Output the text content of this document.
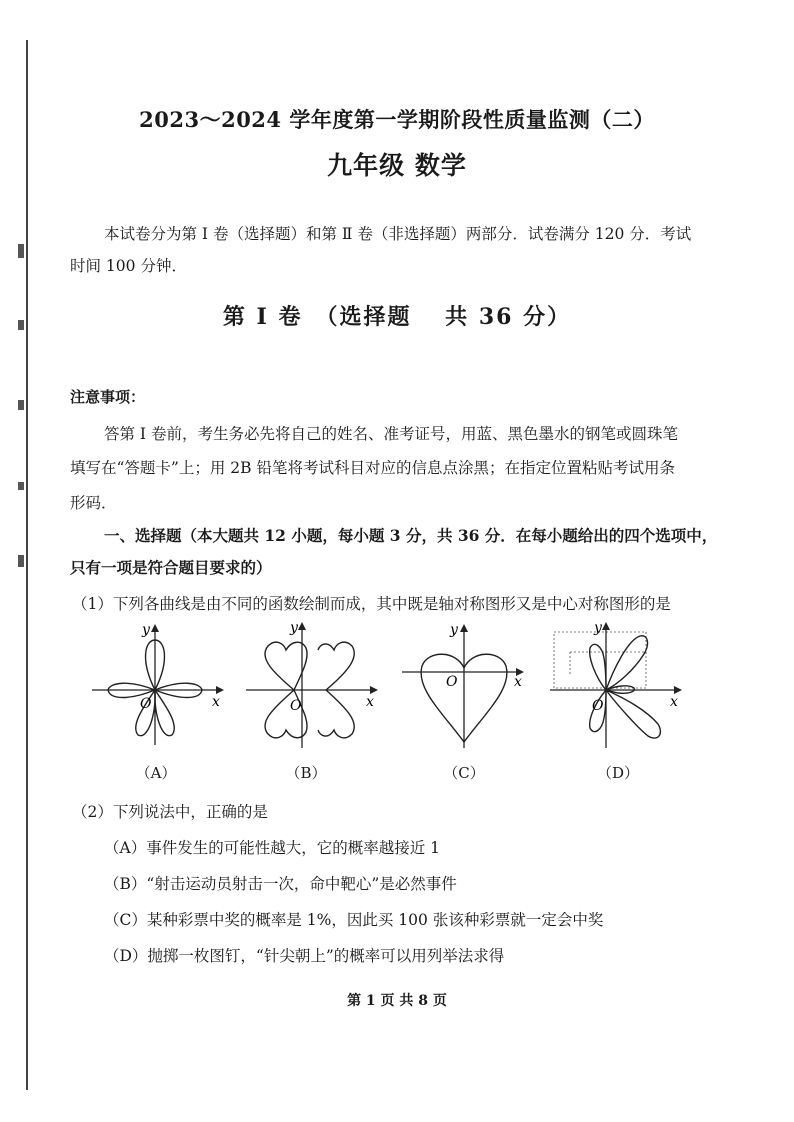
2023～2024 学年度第一学期阶段性质量监测（二）
九年级 数学
本试卷分为第 I 卷（选择题）和第 Ⅱ 卷（非选择题）两部分．试卷满分 120 分．考试
时间 100 分钟．
第 I 卷　（选择题　 共 36 分）
注意事项：
答第 I 卷前，考生务必先将自己的姓名、准考证号，用蓝、黑色墨水的钢笔或圆珠笔
填写在“答题卡”上；用 2B 铅笔将考试科目对应的信息点涂黑；在指定位置粘贴考试用条
形码．
一、选择题（本大题共 12 小题，每小题 3 分，共 36 分．在每小题给出的四个选项中，
只有一项是符合题目要求的）
（1）下列各曲线是由不同的函数绘制而成，其中既是轴对称图形又是中心对称图形的是
O	x
y
O	x
y
O	x
y
O	x
y
（A）	（B）	（C）	（D）
（2）下列说法中，正确的是
（A）事件发生的可能性越大，它的概率越接近 1
（B）“射击运动员射击一次，命中靶心”是必然事件
（C）某种彩票中奖的概率是 1%，因此买 100 张该种彩票就一定会中奖
（D）抛掷一枚图钉，“针尖朝上”的概率可以用列举法求得
第 1 页 共 8 页
